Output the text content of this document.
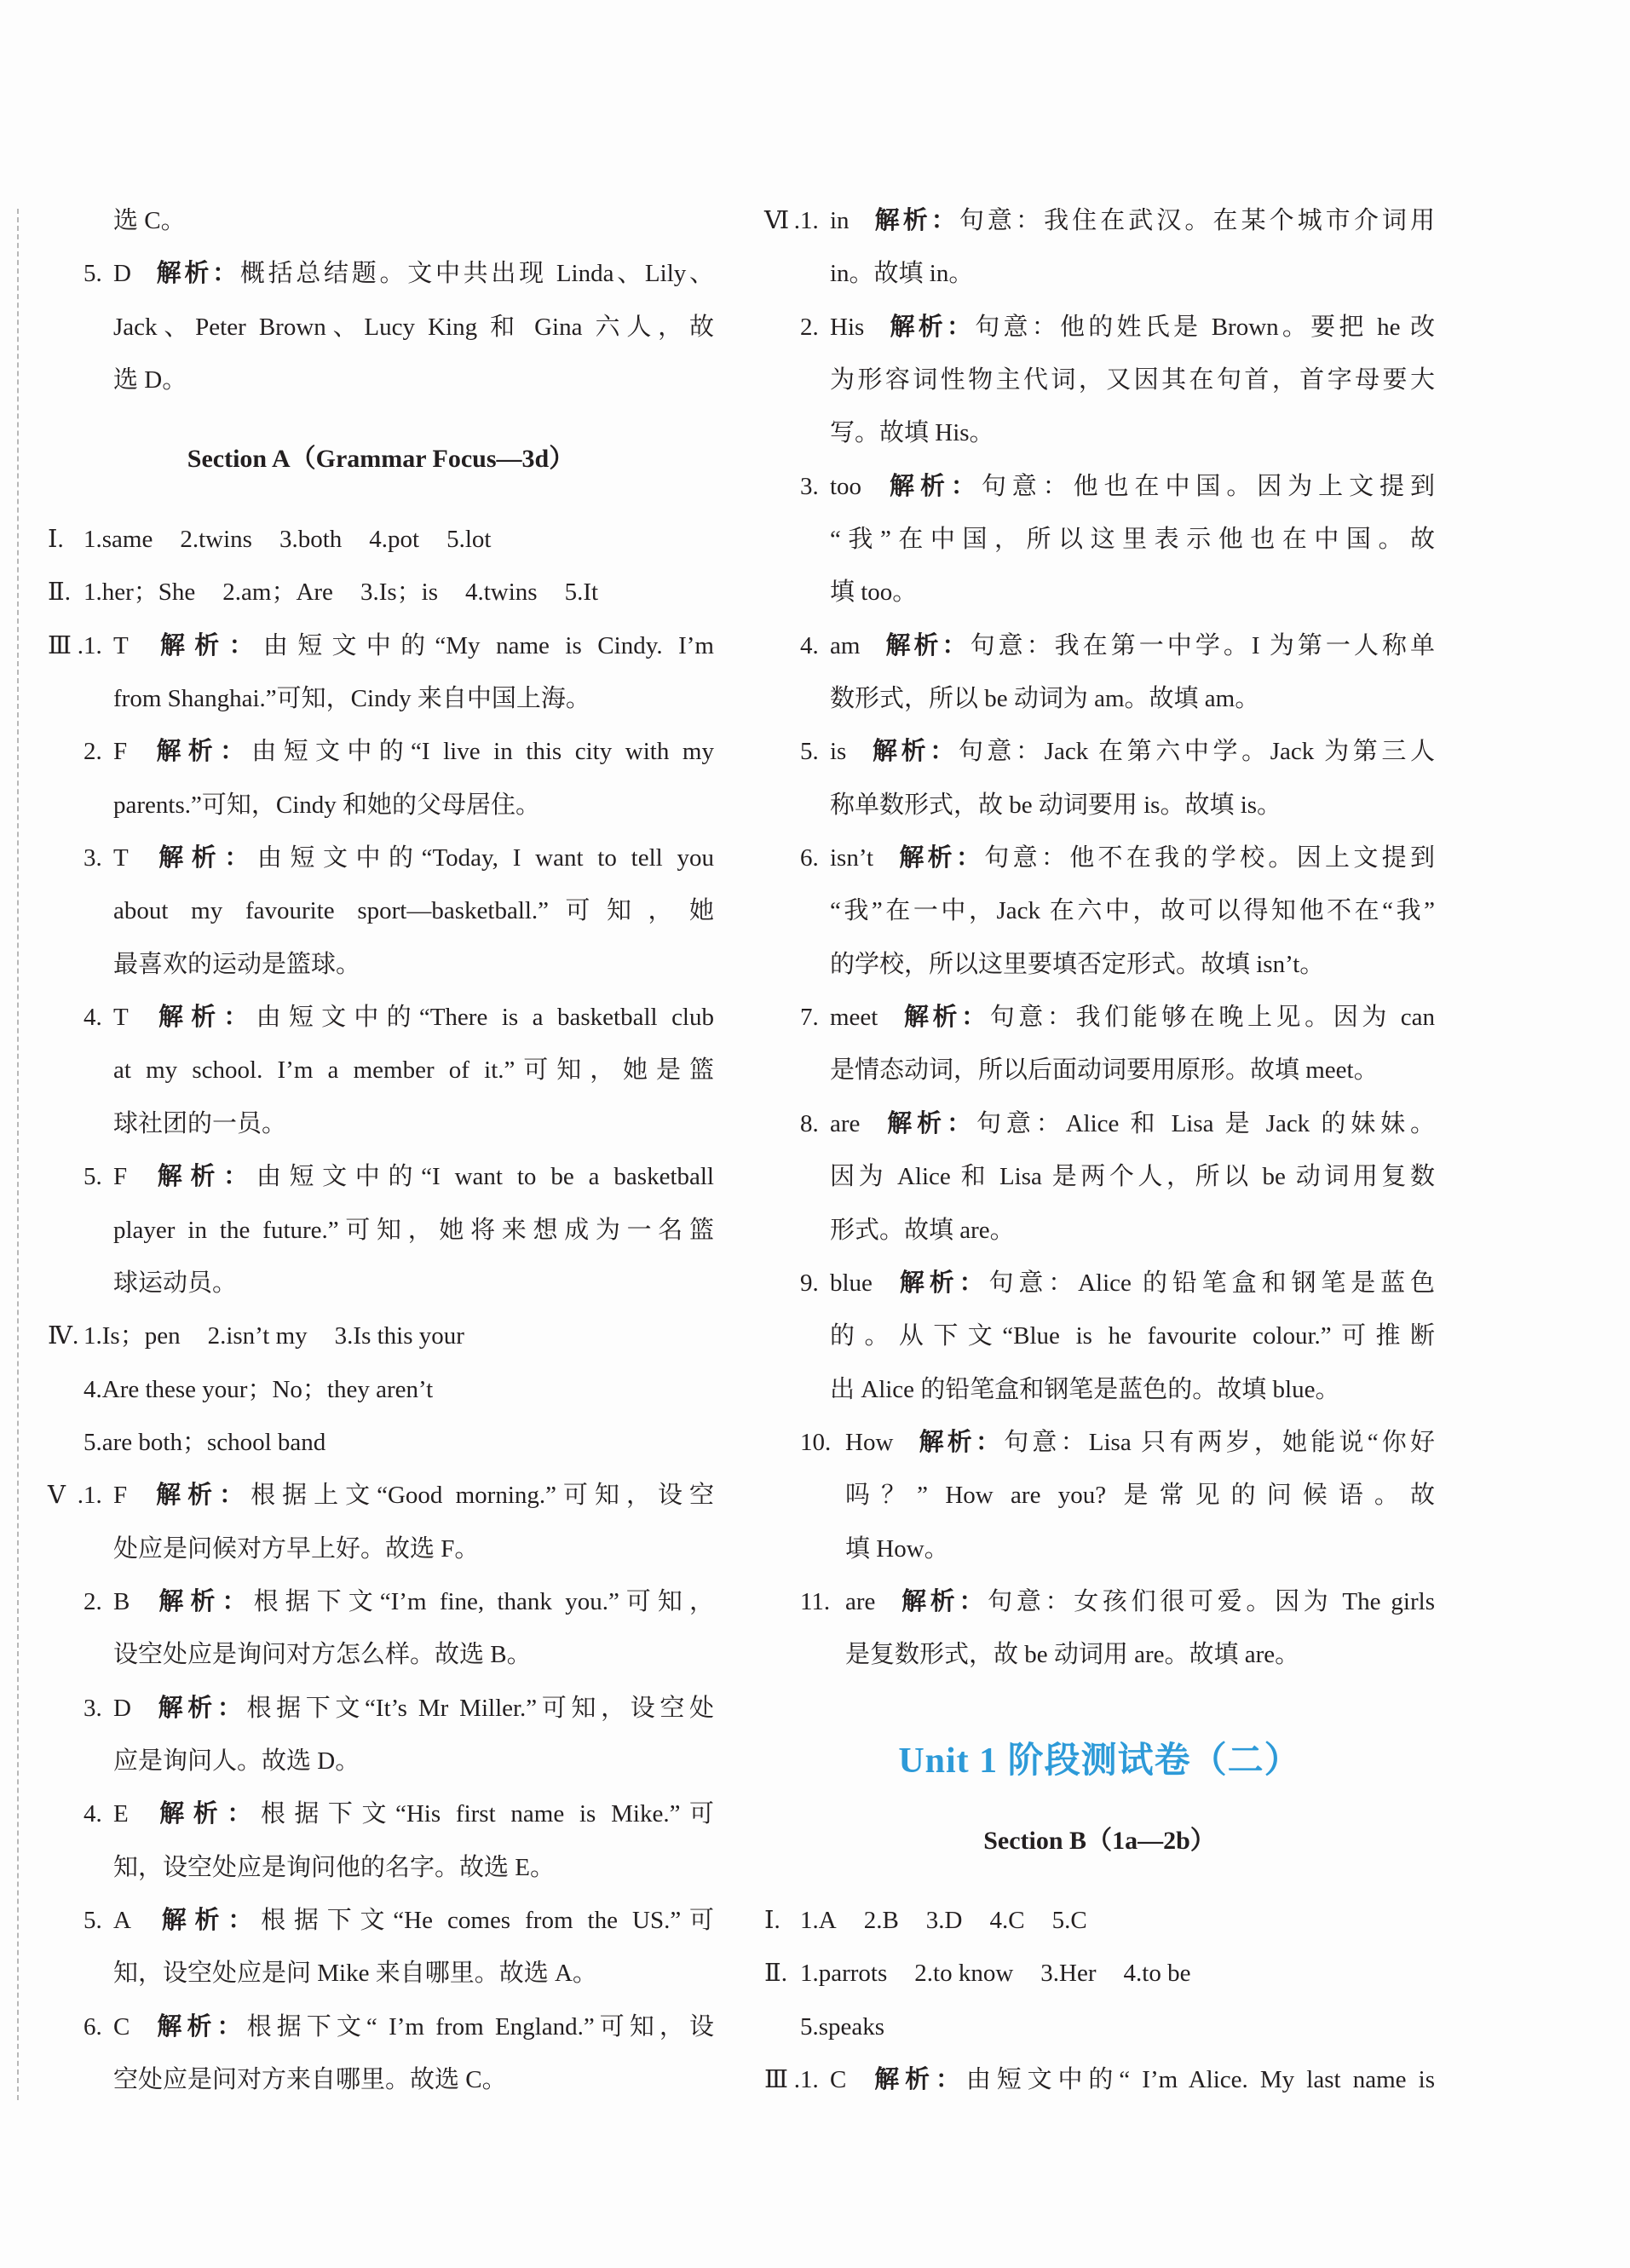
选 C。
5. D 解析：概括总结题。文中共出现 Linda、Lily、
Jack、Peter Brown、Lucy King 和 Gina 六人，故
选 D。
Section A（Grammar Focus—3d）
Ⅰ. 1.same 2.twins 3.both 4.pot 5.lot
Ⅱ. 1.her；She 2.am；Are 3.Is；is 4.twins 5.It
Ⅲ.1. T 解析：由短文中的“My name is Cindy. I’m
from Shanghai.”可知，Cindy 来自中国上海。
2. F 解析：由短文中的“I live in this city with my
parents.”可知，Cindy 和她的父母居住。
3. T 解析：由短文中的“Today, I want to tell you
about my favourite sport—basketball.”可知，她
最喜欢的运动是篮球。
4. T 解析：由短文中的“There is a basketball club
at my school. I’m a member of it.”可知，她是篮
球社团的一员。
5. F 解析：由短文中的“I want to be a basketball
player in the future.”可知，她将来想成为一名篮
球运动员。
Ⅳ. 1.Is；pen 2.isn’t my 3.Is this your
4.Are these your；No；they aren’t
5.are both；school band
Ⅴ.1. F 解析：根据上文“Good morning.”可知，设空
处应是问候对方早上好。故选 F。
2. B 解析：根据下文“I’m fine, thank you.”可知，
设空处应是询问对方怎么样。故选 B。
3. D 解析：根据下文“It’s Mr Miller.”可知，设空处
应是询问人。故选 D。
4. E 解析：根据下文“His first name is Mike.”可
知，设空处应是询问他的名字。故选 E。
5. A 解析：根据下文“He comes from the US.”可
知，设空处应是问 Mike 来自哪里。故选 A。
6. C 解析：根据下文“ I’m from England.”可知，设
空处应是问对方来自哪里。故选 C。
Ⅵ.1. in 解析：句意：我住在武汉。在某个城市介词用
in。故填 in。
2. His 解析：句意：他的姓氏是 Brown。要把 he 改
为形容词性物主代词，又因其在句首，首字母要大
写。故填 His。
3. too 解析：句意：他也在中国。因为上文提到
“我”在中国，所以这里表示他也在中国。故
填 too。
4. am 解析：句意：我在第一中学。I 为第一人称单
数形式，所以 be 动词为 am。故填 am。
5. is 解析：句意：Jack 在第六中学。Jack 为第三人
称单数形式，故 be 动词要用 is。故填 is。
6. isn’t 解析：句意：他不在我的学校。因上文提到
“我”在一中，Jack 在六中，故可以得知他不在“我”
的学校，所以这里要填否定形式。故填 isn’t。
7. meet 解析：句意：我们能够在晚上见。因为 can
是情态动词，所以后面动词要用原形。故填 meet。
8. are 解析：句意：Alice 和 Lisa 是 Jack 的妹妹。
因为 Alice 和 Lisa 是两个人，所以 be 动词用复数
形式。故填 are。
9. blue 解析：句意：Alice 的铅笔盒和钢笔是蓝色
的。从下文“Blue is he favourite colour.”可推断
出 Alice 的铅笔盒和钢笔是蓝色的。故填 blue。
10. How 解析：句意：Lisa 只有两岁，她能说“你好
吗？” How are you? 是常见的问候语。故
填 How。
11. are 解析：句意：女孩们很可爱。因为 The girls
是复数形式，故 be 动词用 are。故填 are。
Unit 1 阶段测试卷（二）
Section B（1a—2b）
Ⅰ. 1.A 2.B 3.D 4.C 5.C
Ⅱ. 1.parrots 2.to know 3.Her 4.to be
5.speaks
Ⅲ.1. C 解析：由短文中的“ I’m Alice. My last name is
